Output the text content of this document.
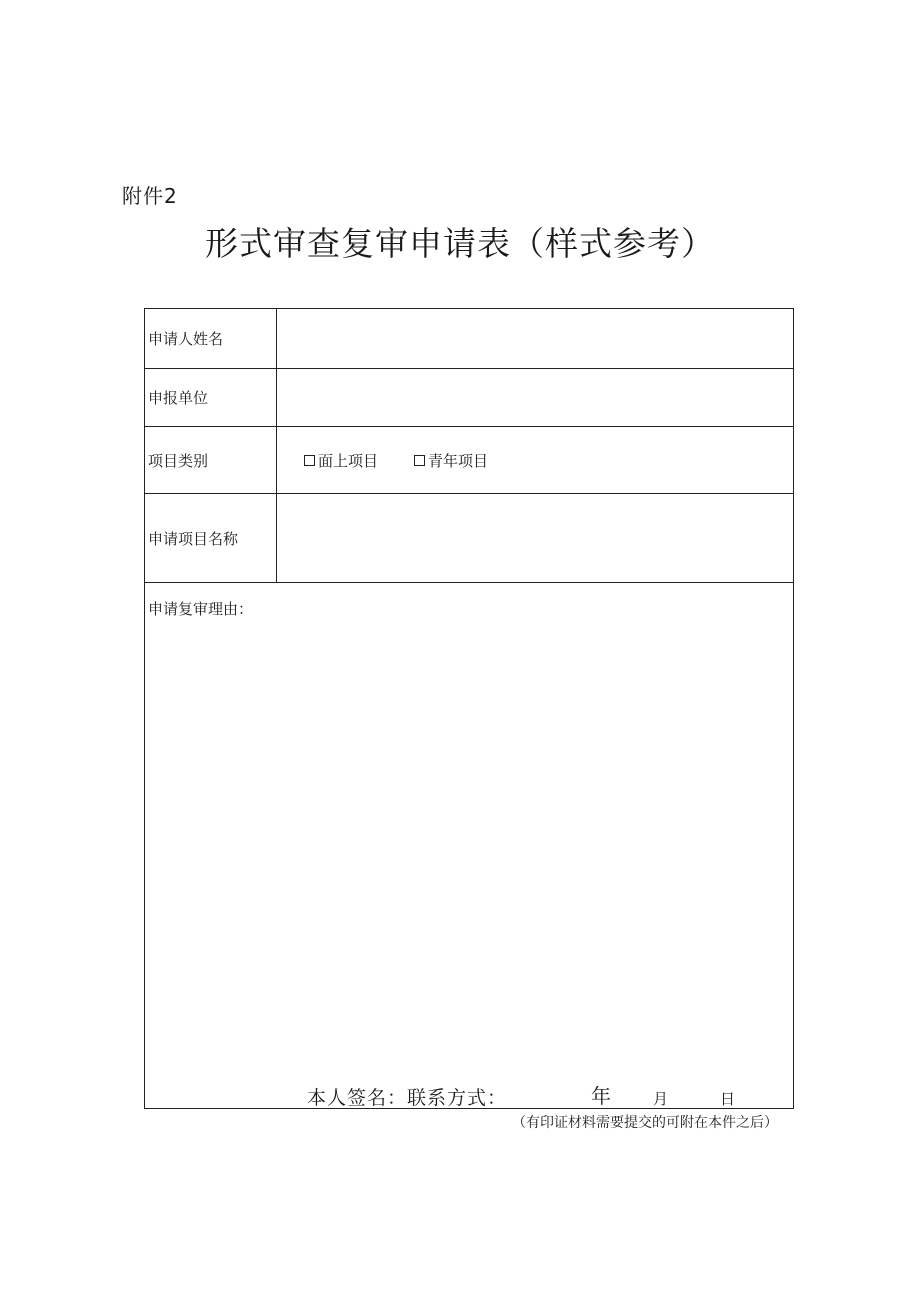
附件2
形式审查复审申请表（样式参考）
申请人姓名
申报单位
项目类别	面上项目	青年项目
申请项目名称
申请复审理由：
本人签名：联系方式：	年	月	日
（有印证材料需要提交的可附在本件之后）
